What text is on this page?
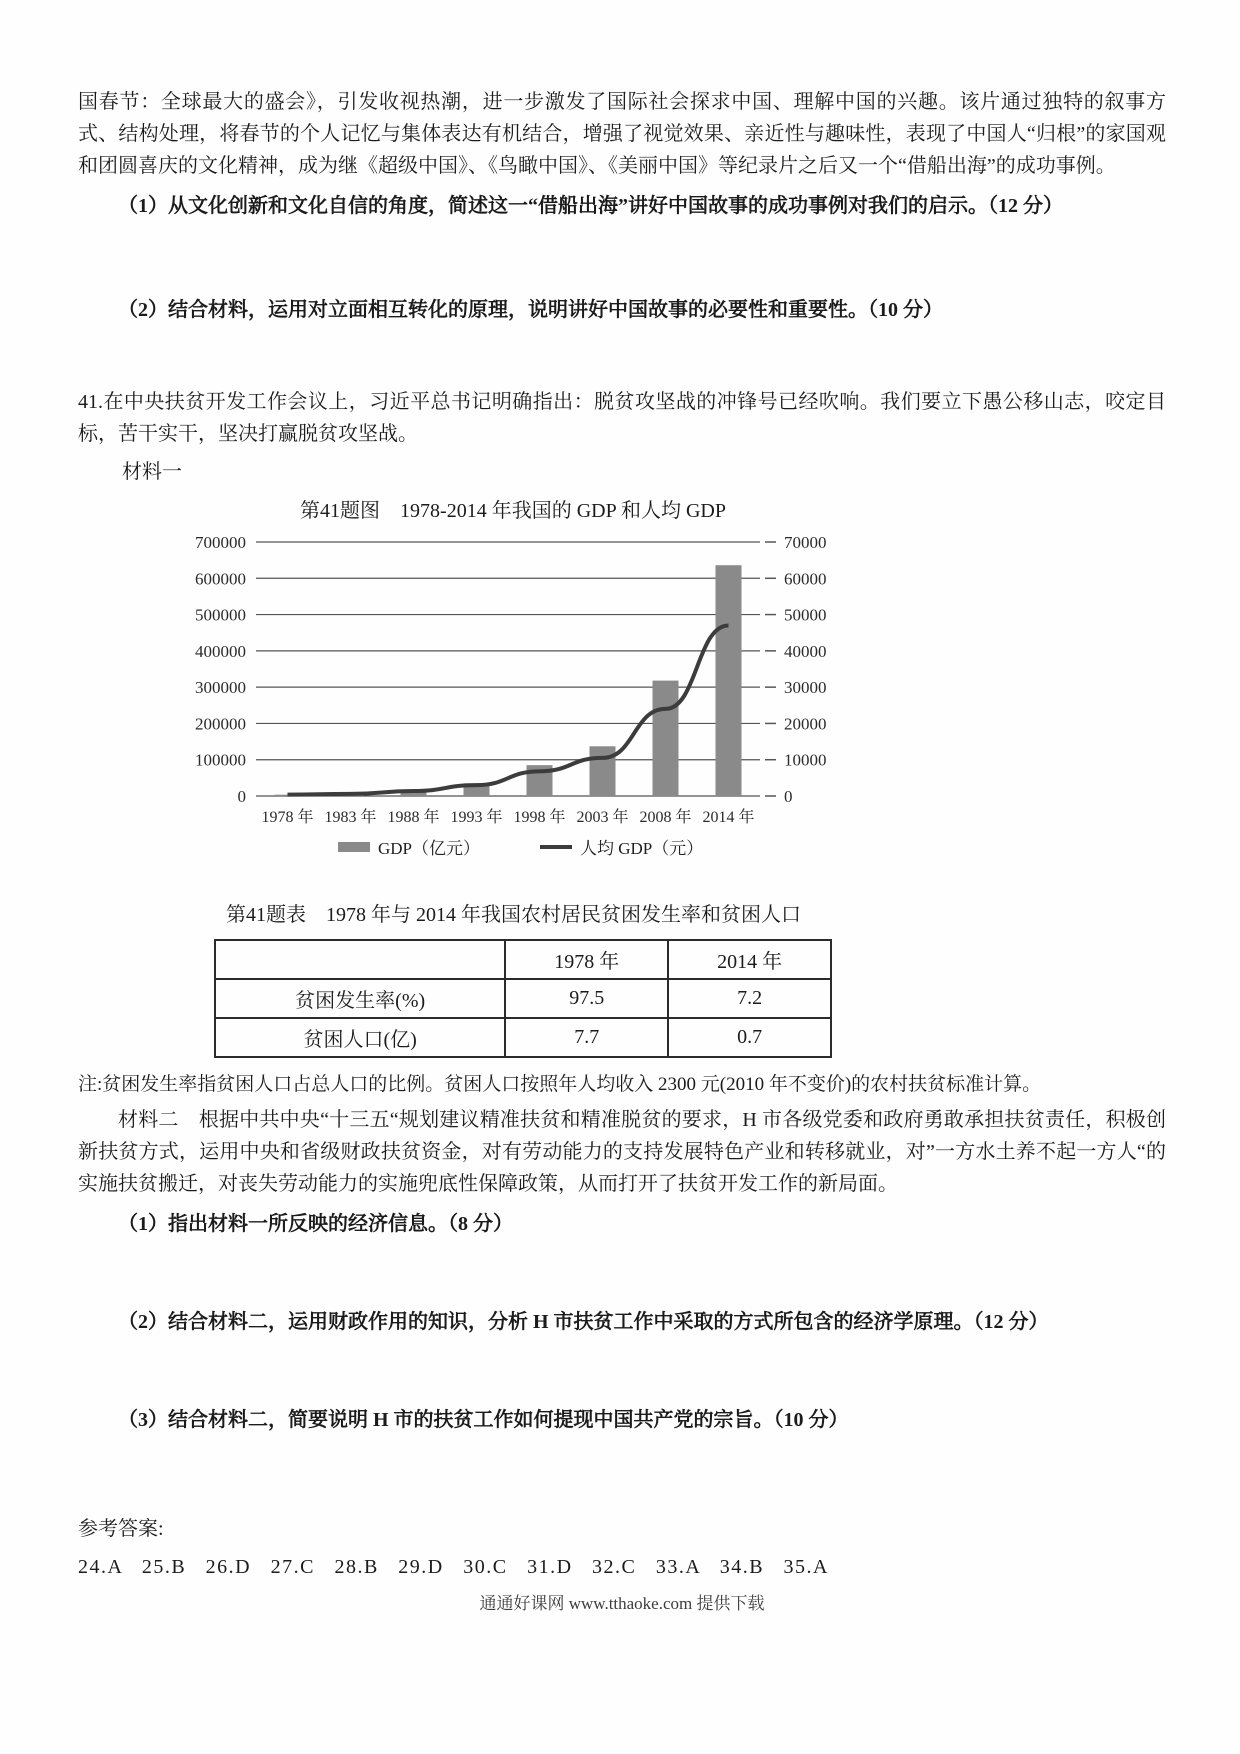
国春节：全球最大的盛会》，引发收视热潮，进一步激发了国际社会探求中国、理解中国的兴趣。该片通过独特的叙事方式、结构处理，将春节的个人记忆与集体表达有机结合，增强了视觉效果、亲近性与趣味性，表现了中国人“归根”的家国观和团圆喜庆的文化精神，成为继《超级中国》、《鸟瞰中国》、《美丽中国》等纪录片之后又一个“借船出海”的成功事例。

（1）从文化创新和文化自信的角度，简述这一“借船出海”讲好中国故事的成功事例对我们的启示。（12 分）

（2）结合材料，运用对立面相互转化的原理，说明讲好中国故事的必要性和重要性。（10 分）

41.在中央扶贫开发工作会议上，习近平总书记明确指出：脱贫攻坚战的冲锋号已经吹响。我们要立下愚公移山志，咬定目标，苦干实干，坚决打赢脱贫攻坚战。

材料一

第41题图　1978-2014 年我国的 GDP 和人均 GDP
700000
600000
500000
400000
300000
200000
100000
0
70000
60000
50000
40000
30000
20000
10000
0
1978 年 1983 年 1988 年 1993 年 1998 年 2003 年 2008 年 2014 年
GDP（亿元）	人均 GDP（元）
第41题表　1978 年与 2014 年我国农村居民贫困发生率和贫困人口
	1978 年	2014 年
贫困发生率(%)	97.5	7.2
贫困人口(亿)	7.7	0.7

注:贫困发生率指贫困人口占总人口的比例。贫困人口按照年人均收入 2300 元(2010 年不变价)的农村扶贫标准计算。

材料二　根据中共中央“十三五“规划建议精准扶贫和精准脱贫的要求，H 市各级党委和政府勇敢承担扶贫责任，积极创新扶贫方式，运用中央和省级财政扶贫资金，对有劳动能力的支持发展特色产业和转移就业，对”一方水土养不起一方人“的实施扶贫搬迁，对丧失劳动能力的实施兜底性保障政策，从而打开了扶贫开发工作的新局面。

（1）指出材料一所反映的经济信息。（8 分）

（2）结合材料二，运用财政作用的知识，分析 H 市扶贫工作中采取的方式所包含的经济学原理。（12 分）

（3）结合材料二，简要说明 H 市的扶贫工作如何提现中国共产党的宗旨。（10 分）

参考答案:

24.A   25.B   26.D   27.C   28.B   29.D   30.C   31.D   32.C   33.A   34.B   35.A

通通好课网 www.tthaoke.com 提供下载
